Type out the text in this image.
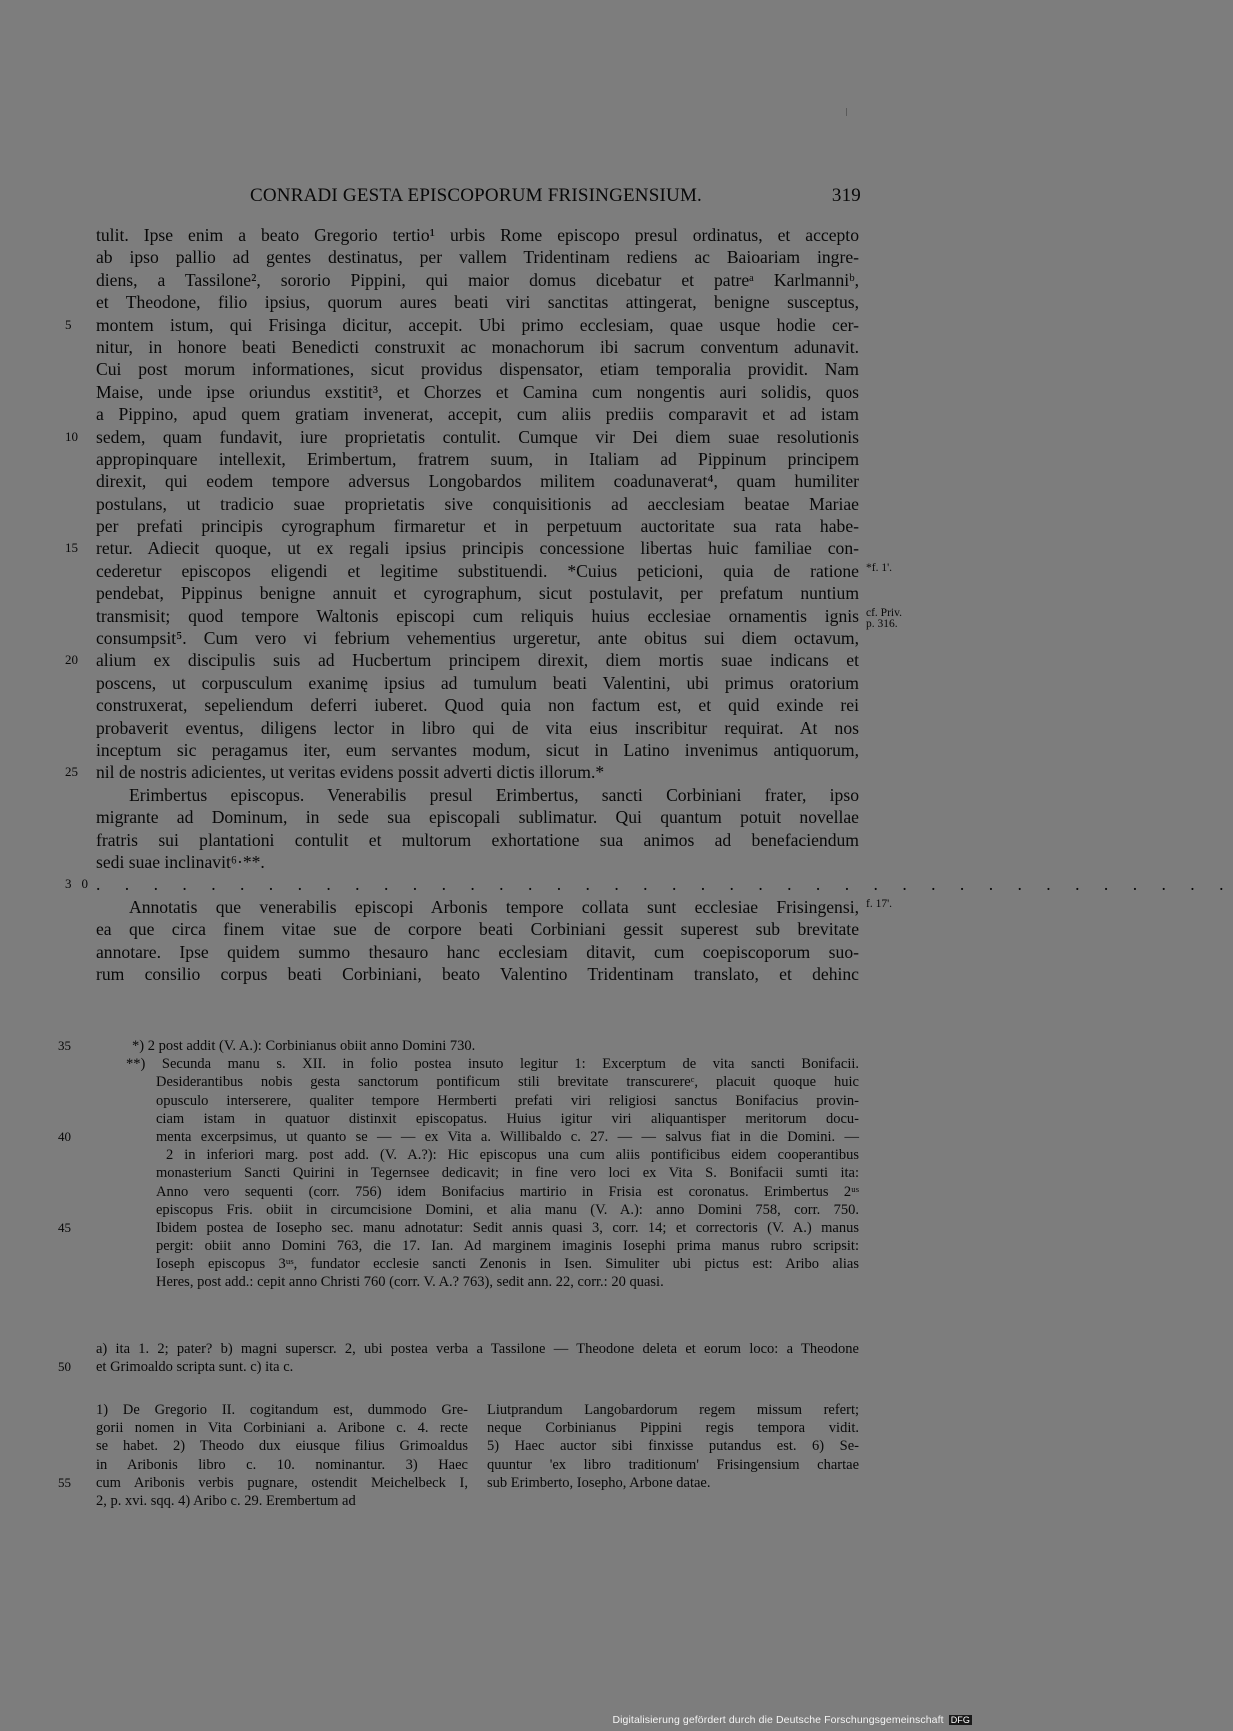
CONRADI GESTA EPISCOPORUM FRISINGENSIUM.	319
tulit. Ipse enim a beato Gregorio tertio¹ urbis Rome episcopo presul ordinatus, et accepto
ab ipso pallio ad gentes destinatus, per vallem Tridentinam rediens ac Baioariam ingre-
diens, a Tassilone², sororio Pippini, qui maior domus dicebatur et patreᵃ Karlmanniᵇ,
et Theodone, filio ipsius, quorum aures beati viri sanctitas attingerat, benigne susceptus,
montem istum, qui Frisinga dicitur, accepit. Ubi primo ecclesiam, quae usque hodie cer-
5
nitur, in honore beati Benedicti construxit ac monachorum ibi sacrum conventum adunavit.
Cui post morum informationes, sicut providus dispensator, etiam temporalia providit. Nam
Maise, unde ipse oriundus exstitit³, et Chorzes et Camina cum nongentis auri solidis, quos
a Pippino, apud quem gratiam invenerat, accepit, cum aliis prediis comparavit et ad istam
sedem, quam fundavit, iure proprietatis contulit. Cumque vir Dei diem suae resolutionis
10
appropinquare intellexit, Erimbertum, fratrem suum, in Italiam ad Pippinum principem
direxit, qui eodem tempore adversus Longobardos militem coadunaverat⁴, quam humiliter
postulans, ut tradicio suae proprietatis sive conquisitionis ad aecclesiam beatae Mariae
per prefati principis cyrographum firmaretur et in perpetuum auctoritate sua rata habe-
retur. Adiecit quoque, ut ex regali ipsius principis concessione libertas huic familiae con-
15
cederetur episcopos eligendi et legitime substituendi. *Cuius peticioni, quia de ratione *f. 1'.
pendebat, Pippinus benigne annuit et cyrographum, sicut postulavit, per prefatum nuntium
transmisit; quod tempore Waltonis episcopi cum reliquis huius ecclesiae ornamentis ignis cf. Priv.
p. 316.
consumpsit⁵. Cum vero vi febrium vehementius urgeretur, ante obitus sui diem octavum,
alium ex discipulis suis ad Hucbertum principem direxit, diem mortis suae indicans et
20
poscens, ut corpusculum exanimę ipsius ad tumulum beati Valentini, ubi primus oratorium
construxerat, sepeliendum deferri iuberet. Quod quia non factum est, et quid exinde rei
probaverit eventus, diligens lector in libro qui de vita eius inscribitur requirat. At nos
inceptum sic peragamus iter, eum servantes modum, sicut in Latino invenimus antiquorum,
nil de nostris adicientes, ut veritas evidens possit adverti dictis illorum.*
25
Erimbertus episcopus. Venerabilis presul Erimbertus, sancti Corbiniani frater, ipso
migrante ad Dominum, in sede sua episcopali sublimatur. Qui quantum potuit novellae
fratris sui plantationi contulit et multorum exhortatione sua animos ad benefaciendum
sedi suae inclinavit⁶·**.
. . . . . . . . . . . . . . . . . . . . . . . . . . . . . . . . . . . . . . . .
30
Annotatis que venerabilis episcopi Arbonis tempore collata sunt ecclesiae Frisingensi, f. 17'.
ea que circa finem vitae sue de corpore beati Corbiniani gessit superest sub brevitate
annotare. Ipse quidem summo thesauro hanc ecclesiam ditavit, cum coepiscoporum suo-
rum consilio corpus beati Corbiniani, beato Valentino Tridentinam translato, et dehinc
*) 2 post addit (V. A.): Corbinianus obiit anno Domini 730.
35
**) Secunda manu s. XII. in folio postea insuto legitur 1: Excerptum de vita sancti Bonifacii.
Desiderantibus nobis gesta sanctorum pontificum stili brevitate transcurereᶜ, placuit quoque huic
opusculo interserere, qualiter tempore Hermberti prefati viri religiosi sanctus Bonifacius provin-
ciam istam in quatuor distinxit episcopatus. Huius igitur viri aliquantisper meritorum docu-
menta excerpsimus, ut quanto se — — ex Vita a. Willibaldo c. 27. — — salvus fiat in die Domini. —
40
2 in inferiori marg. post add. (V. A.?): Hic episcopus una cum aliis pontificibus eidem cooperantibus
monasterium Sancti Quirini in Tegernsee dedicavit; in fine vero loci ex Vita S. Bonifacii sumti ita:
Anno vero sequenti (corr. 756) idem Bonifacius martirio in Frisia est coronatus. Erimbertus 2ᵘˢ
episcopus Fris. obiit in circumcisione Domini, et alia manu (V. A.): anno Domini 758, corr. 750.
Ibidem postea de Iosepho sec. manu adnotatur: Sedit annis quasi 3, corr. 14; et correctoris (V. A.) manus
45
pergit: obiit anno Domini 763, die 17. Ian. Ad marginem imaginis Iosephi prima manus rubro scripsit:
Ioseph episcopus 3ᵘˢ, fundator ecclesie sancti Zenonis in Isen. Simuliter ubi pictus est: Aribo alias
Heres, post add.: cepit anno Christi 760 (corr. V. A.? 763), sedit ann. 22, corr.: 20 quasi.
a) ita 1. 2; pater? b) magni superscr. 2, ubi postea verba a Tassilone — Theodone deleta et eorum loco: a Theodone
et Grimoaldo scripta sunt. c) ita c.
50
1) De Gregorio II. cogitandum est, dummodo Gre-
gorii nomen in Vita Corbiniani a. Aribone c. 4. recte
se habet. 2) Theodo dux eiusque filius Grimoaldus
in Aribonis libro c. 10. nominantur. 3) Haec
cum Aribonis verbis pugnare, ostendit Meichelbeck I,
55
2, p. xvi. sqq. 4) Aribo c. 29. Erembertum ad
Liutprandum Langobardorum regem missum refert;
neque Corbinianus Pippini regis tempora vidit.
5) Haec auctor sibi finxisse putandus est. 6) Se-
quuntur 'ex libro traditionum' Frisingensium chartae
sub Erimberto, Iosepho, Arbone datae.
Digitalisierung gefördert durch die Deutsche Forschungsgemeinschaft DFG
